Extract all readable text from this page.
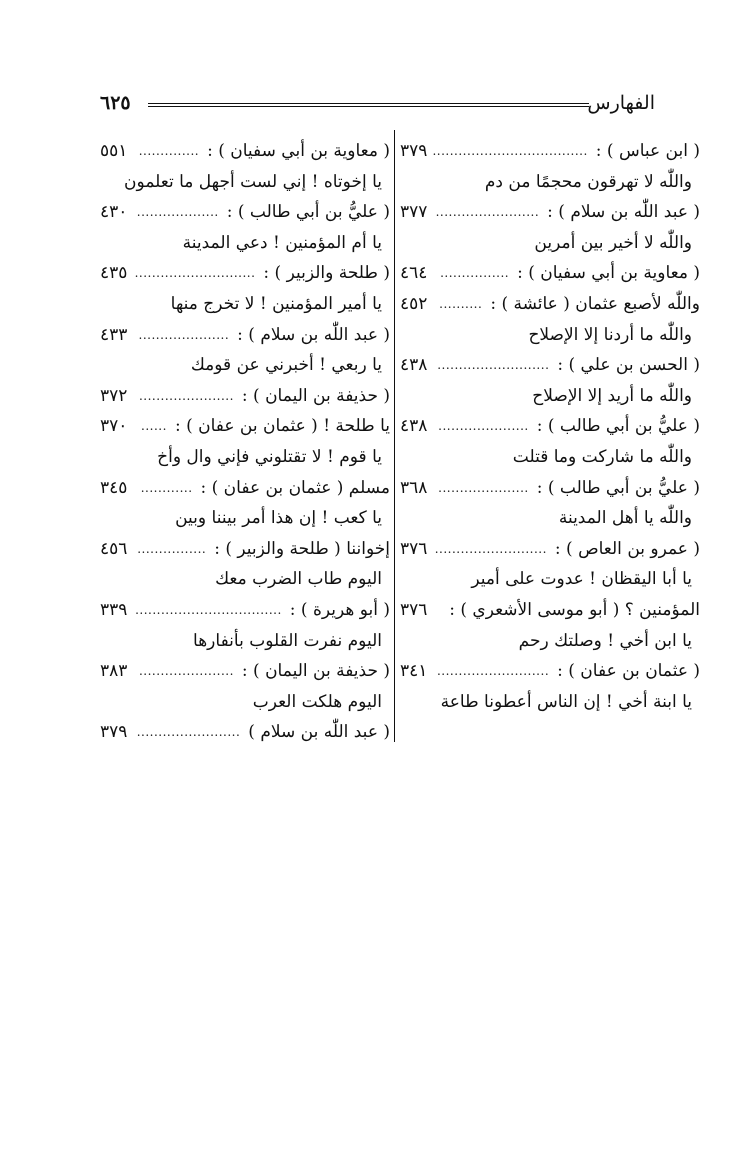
٦٢٥	الفهارس
( ابن عباس ) :
٣٧٩ ....................................
واللّٰه لا تهرقون محجمًا من دم
( عبد اللّٰه بن سلام ) :
٣٧٧ ........................
واللّٰه لا أخير بين أمرين
( معاوية بن أبي سفيان ) :
٤٦٤ ................
واللّٰه لأصبع عثمان ( عائشة ) :
٤٥٢ ..........
واللّٰه ما أردنا إلا الإصلاح
( الحسن بن علي ) :
٤٣٨ ..........................
واللّٰه ما أريد إلا الإصلاح
( عليُّ بن أبي طالب ) :
٤٣٨ .....................
واللّٰه ما شاركت وما قتلت
( عليُّ بن أبي طالب ) :
٣٦٨ .....................
واللّٰه يا أهل المدينة
( عمرو بن العاص ) :
٣٧٦ ..........................
يا أبا اليقظان ! عدوت على أمير
المؤمنين ؟ ( أبو موسى الأشعري ) :
٣٧٦
يا ابن أخي ! وصلتك رحم
( عثمان بن عفان ) :
٣٤١ ..........................
يا ابنة أخي ! إن الناس أعطونا طاعة
( معاوية بن أبي سفيان ) :
٥٥١ ..............
يا إخوتاه ! إني لست أجهل ما تعلمون
( عليُّ بن أبي طالب ) :
٤٣٠ ...................
يا أم المؤمنين ! دعي المدينة
( طلحة والزبير ) :
٤٣٥ ............................
يا أمير المؤمنين ! لا تخرج منها
( عبد اللّٰه بن سلام ) :
٤٣٣ .....................
يا ربعي ! أخبرني عن قومك
( حذيفة بن اليمان ) :
٣٧٢ ......................
يا طلحة ! ( عثمان بن عفان ) :
٣٧٠ ......
يا قوم ! لا تقتلوني فإني وال وأخ
مسلم ( عثمان بن عفان ) :
٣٤٥ ............
يا كعب ! إن هذا أمر بيننا وبين
إخواننا ( طلحة والزبير ) :
٤٥٦ ................
اليوم طاب الضرب معك
( أبو هريرة ) :
٣٣٩ ..................................
اليوم نفرت القلوب بأنفارها
( حذيفة بن اليمان ) :
٣٨٣ ......................
اليوم هلكت العرب
( عبد اللّٰه بن سلام )
٣٧٩ ........................
